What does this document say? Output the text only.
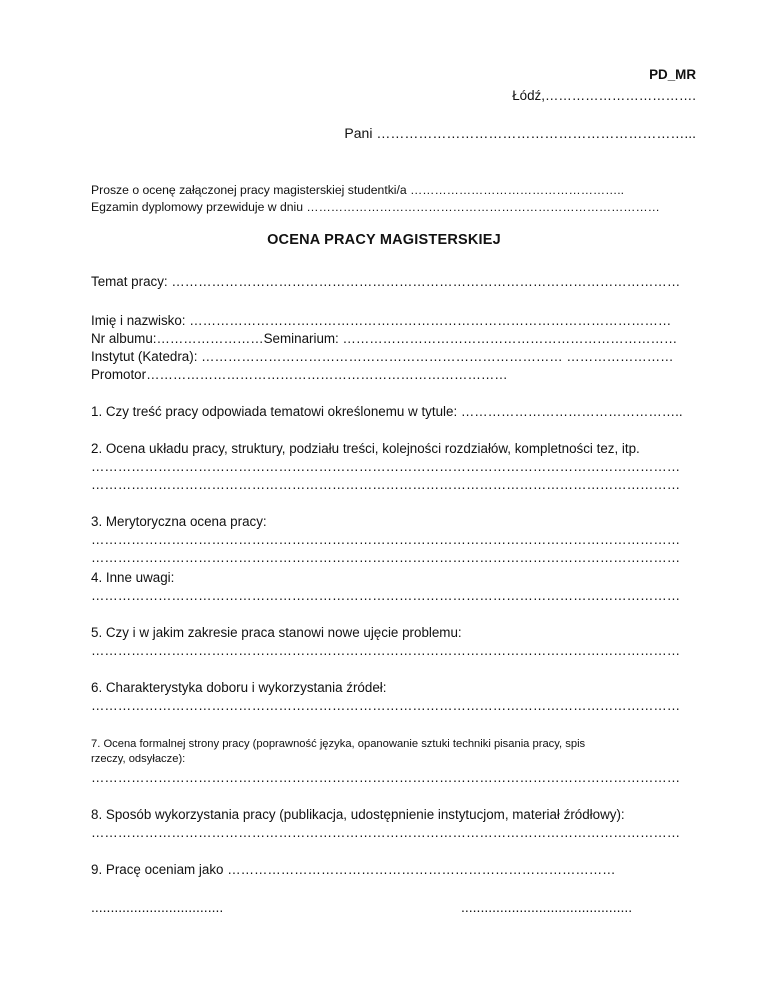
PD_MR
Łódź,…………………………….
Pani …………………………………………………………...
Prosze o ocenę załączonej pracy magisterskiej studentki/a ……………………………………………..
Egzamin dyplomowy przewiduje w dniu ……………………………………………………………………………
OCENA PRACY MAGISTERSKIEJ
Temat pracy: ……………………………………………………………………………………………………
Imię i nazwisko: ………………………………………………………………………………………………
Nr albumu:……………………Seminarium: …………………………………………………………………
Instytut (Katedra): ……………………………………………………………………… ……………………
Promotor………………………………………………………………………
1. Czy treść pracy odpowiada tematowi określonemu w tytule: …………………………………………..
2. Ocena układu pracy, struktury, podziału treści, kolejności rozdziałów, kompletności tez, itp.
……………………………………………………………………………………………………………………
……………………………………………………………………………………………………………………
3. Merytoryczna ocena pracy:
……………………………………………………………………………………………………………………
……………………………………………………………………………………………………………………
4. Inne uwagi:
……………………………………………………………………………………………………………………
5. Czy i w jakim zakresie praca stanowi nowe ujęcie problemu:
……………………………………………………………………………………………………………………
6. Charakterystyka doboru i wykorzystania źródeł:
……………………………………………………………………………………………………………………
7. Ocena formalnej strony pracy (poprawność języka, opanowanie sztuki techniki pisania pracy, spis
rzeczy, odsyłacze):
……………………………………………………………………………………………………………………
8. Sposób wykorzystania pracy (publikacja, udostępnienie instytucjom, materiał źródłowy):
……………………………………………………………………………………………………………………
9. Pracę oceniam jako ……………………………………………………………………………
..................................	............................................
